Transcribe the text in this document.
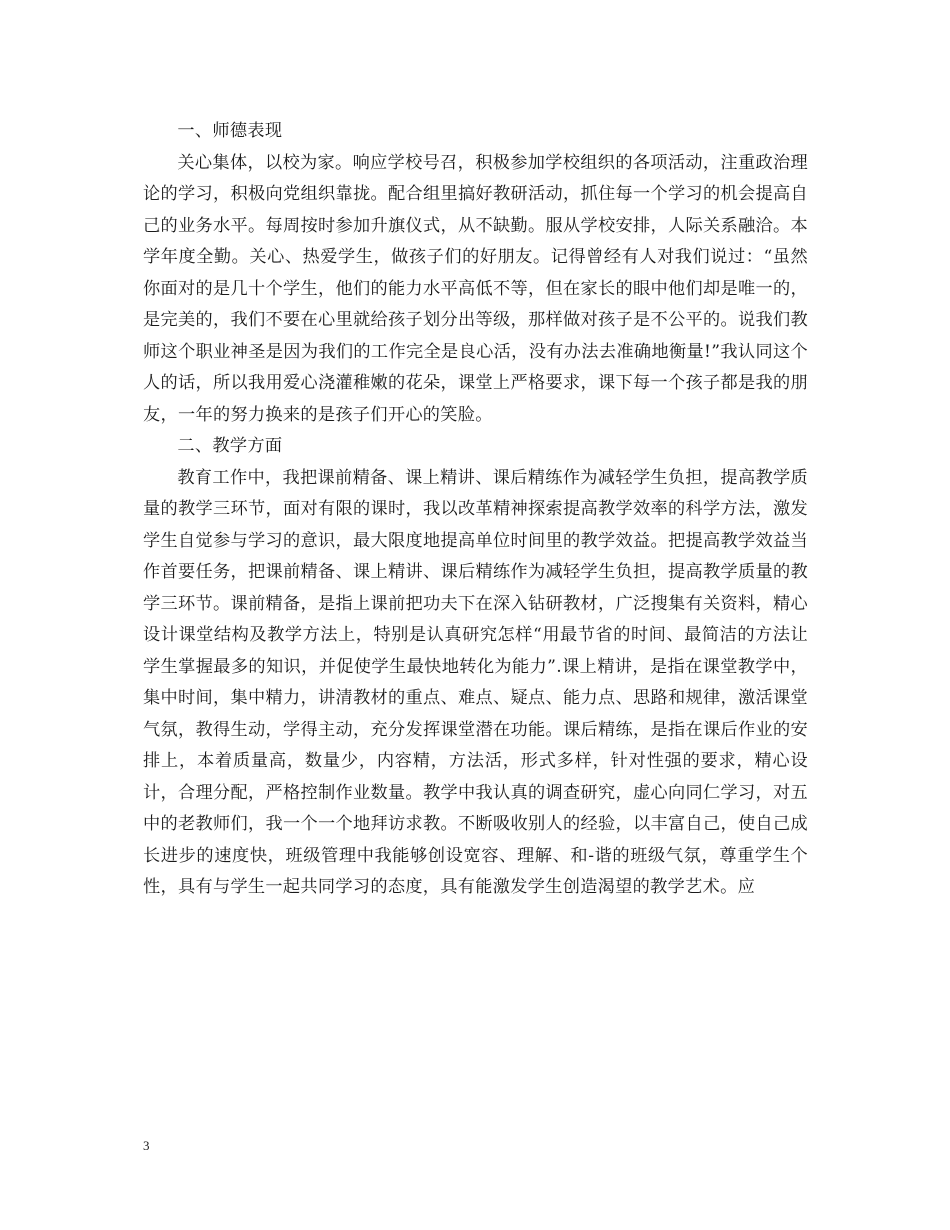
一、师德表现

关心集体，以校为家。响应学校号召，积极参加学校组织的各项活动，注重政治理论的学习，积极向党组织靠拢。配合组里搞好教研活动，抓住每一个学习的机会提高自己的业务水平。每周按时参加升旗仪式，从不缺勤。服从学校安排，人际关系融洽。本学年度全勤。关心、热爱学生，做孩子们的好朋友。记得曾经有人对我们说过：“虽然你面对的是几十个学生，他们的能力水平高低不等，但在家长的眼中他们却是唯一的，是完美的，我们不要在心里就给孩子划分出等级，那样做对孩子是不公平的。说我们教师这个职业神圣是因为我们的工作完全是良心活，没有办法去准确地衡量!”我认同这个人的话，所以我用爱心浇灌稚嫩的花朵，课堂上严格要求，课下每一个孩子都是我的朋友，一年的努力换来的是孩子们开心的笑脸。

二、教学方面

教育工作中，我把课前精备、课上精讲、课后精练作为减轻学生负担，提高教学质量的教学三环节，面对有限的课时，我以改革精神探索提高教学效率的科学方法，激发学生自觉参与学习的意识，最大限度地提高单位时间里的教学效益。把提高教学效益当作首要任务，把课前精备、课上精讲、课后精练作为减轻学生负担，提高教学质量的教学三环节。课前精备，是指上课前把功夫下在深入钻研教材，广泛搜集有关资料，精心设计课堂结构及教学方法上，特别是认真研究怎样“用最节省的时间、最简洁的方法让学生掌握最多的知识，并促使学生最快地转化为能力”.课上精讲，是指在课堂教学中，集中时间，集中精力，讲清教材的重点、难点、疑点、能力点、思路和规律，激活课堂气氛，教得生动，学得主动，充分发挥课堂潜在功能。课后精练，是指在课后作业的安排上，本着质量高，数量少，内容精，方法活，形式多样，针对性强的要求，精心设计，合理分配，严格控制作业数量。教学中我认真的调查研究，虚心向同仁学习，对五中的老教师们，我一个一个地拜访求教。不断吸收别人的经验，以丰富自己，使自己成长进步的速度快，班级管理中我能够创设宽容、理解、和-谐的班级气氛，尊重学生个性，具有与学生一起共同学习的态度，具有能激发学生创造渴望的教学艺术。应

3
